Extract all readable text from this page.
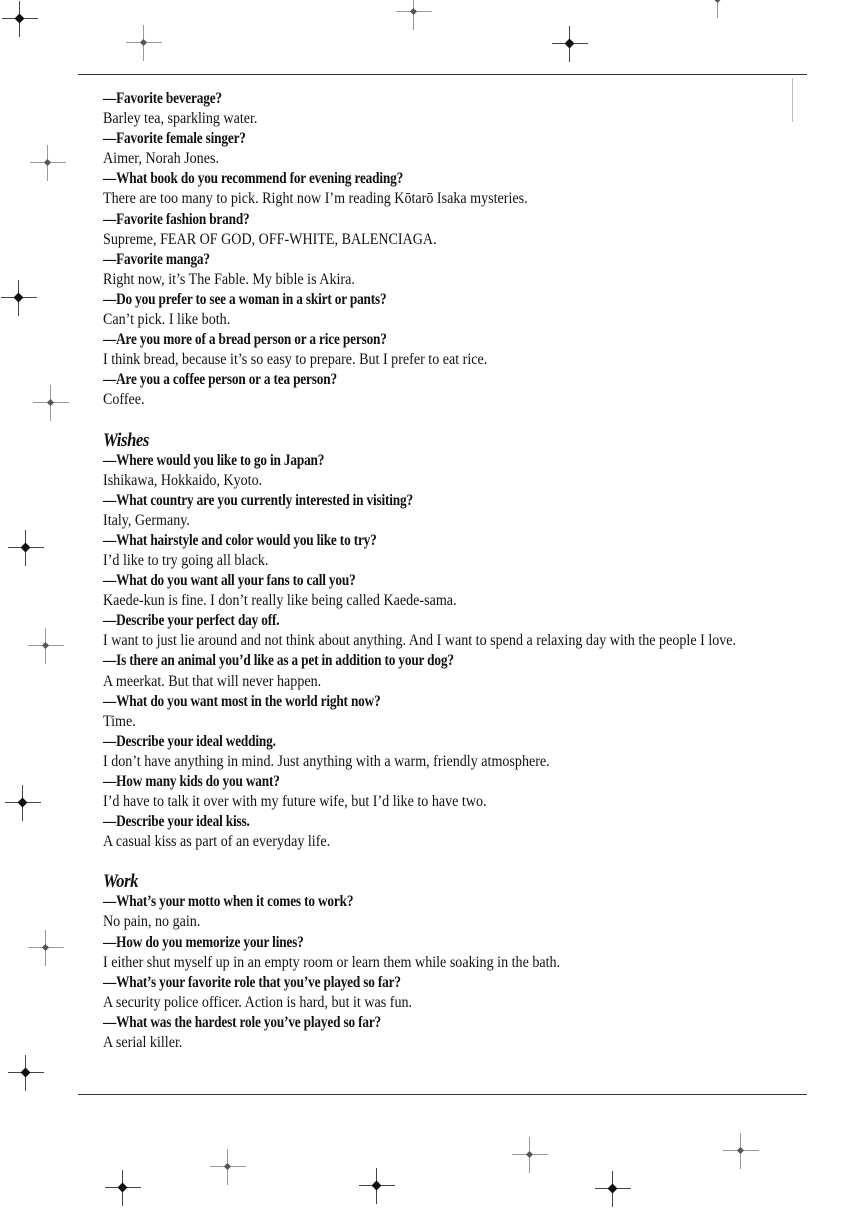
—Favorite beverage?
Barley tea, sparkling water.
—Favorite female singer?
Aimer, Norah Jones.
—What book do you recommend for evening reading?
There are too many to pick. Right now I’m reading Kōtarō Isaka mysteries.
—Favorite fashion brand?
Supreme, FEAR OF GOD, OFF-WHITE, BALENCIAGA.
—Favorite manga?
Right now, it’s The Fable. My bible is Akira.
—Do you prefer to see a woman in a skirt or pants?
Can’t pick. I like both.
—Are you more of a bread person or a rice person?
I think bread, because it’s so easy to prepare. But I prefer to eat rice.
—Are you a coffee person or a tea person?
Coffee.
Wishes
—Where would you like to go in Japan?
Ishikawa, Hokkaido, Kyoto.
—What country are you currently interested in visiting?
Italy, Germany.
—What hairstyle and color would you like to try?
I’d like to try going all black.
—What do you want all your fans to call you?
Kaede-kun is fine. I don’t really like being called Kaede-sama.
—Describe your perfect day off.
I want to just lie around and not think about anything. And I want to spend a relaxing day with the people I love.
—Is there an animal you’d like as a pet in addition to your dog?
A meerkat. But that will never happen.
—What do you want most in the world right now?
Time.
—Describe your ideal wedding.
I don’t have anything in mind. Just anything with a warm, friendly atmosphere.
—How many kids do you want?
I’d have to talk it over with my future wife, but I’d like to have two.
—Describe your ideal kiss.
A casual kiss as part of an everyday life.
Work
—What’s your motto when it comes to work?
No pain, no gain.
—How do you memorize your lines?
I either shut myself up in an empty room or learn them while soaking in the bath.
—What’s your favorite role that you’ve played so far?
A security police officer. Action is hard, but it was fun.
—What was the hardest role you’ve played so far?
A serial killer.
